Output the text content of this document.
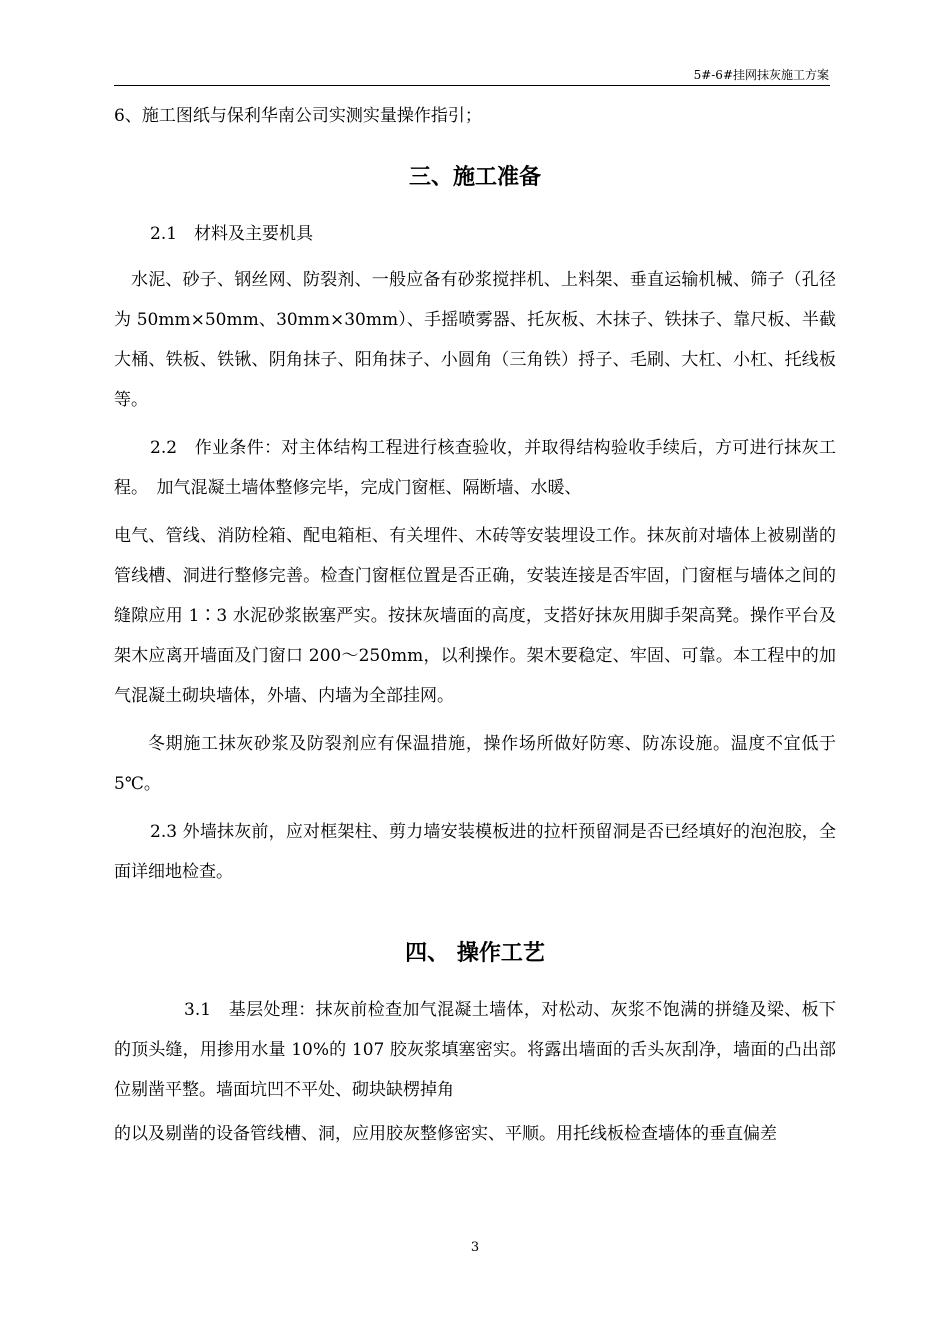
5#-6#挂网抹灰施工方案

6、施工图纸与保利华南公司实测实量操作指引；

三、施工准备

2.1　材料及主要机具

水泥、砂子、钢丝网、防裂剂、一般应备有砂浆搅拌机、上料架、垂直运输机械、筛子（孔径为 50mm×50mm、30mm×30mm）、手摇喷雾器、托灰板、木抹子、铁抹子、靠尺板、半截大桶、铁板、铁锹、阴角抹子、阳角抹子、小圆角（三角铁）捋子、毛刷、大杠、小杠、托线板等。

2.2　作业条件：对主体结构工程进行核查验收，并取得结构验收手续后，方可进行抹灰工程。　加气混凝土墙体整修完毕，完成门窗框、隔断墙、水暖、

电气、管线、消防栓箱、配电箱柜、有关埋件、木砖等安装埋设工作。抹灰前对墙体上被剔凿的管线槽、洞进行整修完善。检查门窗框位置是否正确，安装连接是否牢固，门窗框与墙体之间的缝隙应用 1∶3 水泥砂浆嵌塞严实。按抹灰墙面的高度，支搭好抹灰用脚手架高凳。操作平台及架木应离开墙面及门窗口 200～250mm，以利操作。架木要稳定、牢固、可靠。本工程中的加气混凝土砌块墙体，外墙、内墙为全部挂网。

冬期施工抹灰砂浆及防裂剂应有保温措施，操作场所做好防寒、防冻设施。温度不宜低于 5℃。

2.3 外墙抹灰前，应对框架柱、剪力墙安装模板进的拉杆预留洞是否已经填好的泡泡胶，全面详细地检查。

四、 操作工艺

3.1　基层处理：抹灰前检查加气混凝土墙体，对松动、灰浆不饱满的拼缝及梁、板下的顶头缝，用掺用水量 10%的 107 胶灰浆填塞密实。将露出墙面的舌头灰刮净，墙面的凸出部位剔凿平整。墙面坑凹不平处、砌块缺楞掉角

的以及剔凿的设备管线槽、洞，应用胶灰整修密实、平顺。用托线板检查墙体的垂直偏差

3
